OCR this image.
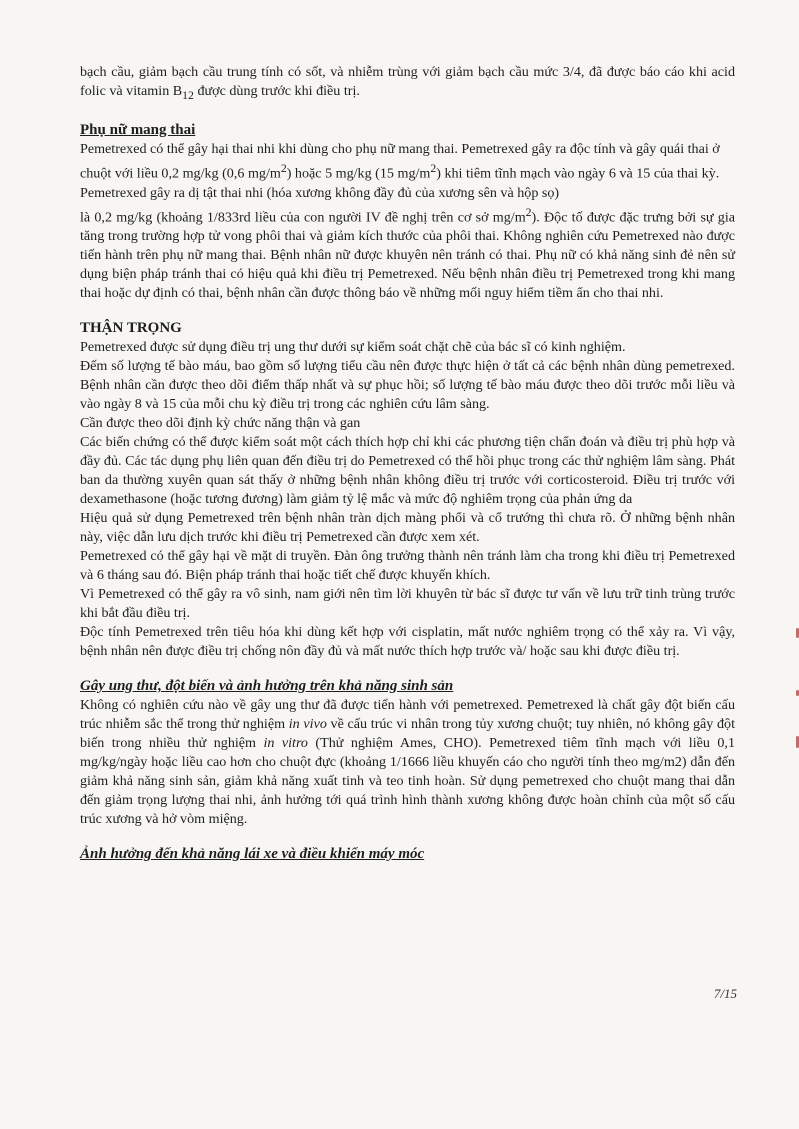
bạch cầu, giảm bạch cầu trung tính có sốt, và nhiễm trùng với giảm bạch cầu mức 3/4, đã được báo cáo khi acid folic và vitamin $B_{12}$ được dùng trước khi điều trị.

Phụ nữ mang thai

Pemetrexed có thể gây hại thai nhi khi dùng cho phụ nữ mang thai. Pemetrexed gây ra độc tính và gây quái thai ở chuột với liều 0,2 mg/kg (0,6 $mg/m^2$) hoặc 5 mg/kg (15 $mg/m^2$) khi tiêm tĩnh mạch vào ngày 6 và 15 của thai kỳ. Pemetrexed gây ra dị tật thai nhi (hóa xương không đầy đủ của xương sên và hộp sọ)

là 0,2 mg/kg (khoảng 1/833rd liều của con người IV đề nghị trên cơ sở $mg/m^2$). Độc tố được đặc trưng bởi sự gia tăng trong trường hợp tử vong phôi thai và giảm kích thước của phôi thai. Không nghiên cứu Pemetrexed nào được tiến hành trên phụ nữ mang thai. Bệnh nhân nữ được khuyên nên tránh có thai. Phụ nữ có khả năng sinh đẻ nên sử dụng biện pháp tránh thai có hiệu quả khi điều trị Pemetrexed. Nếu bệnh nhân điều trị Pemetrexed trong khi mang thai hoặc dự định có thai, bệnh nhân cần được thông báo về những mối nguy hiểm tiềm ẩn cho thai nhi.

THẬN TRỌNG

Pemetrexed được sử dụng điều trị ung thư dưới sự kiểm soát chặt chẽ của bác sĩ có kinh nghiệm.

Đếm số lượng tế bào máu, bao gồm số lượng tiểu cầu nên được thực hiện ở tất cả các bệnh nhân dùng pemetrexed. Bệnh nhân cần được theo dõi điểm thấp nhất và sự phục hồi; số lượng tế bào máu được theo dõi trước mỗi liều và vào ngày 8 và 15 của mỗi chu kỳ điều trị trong các nghiên cứu lâm sàng.

Cần được theo dõi định kỳ chức năng thận và gan

Các biến chứng có thể được kiểm soát một cách thích hợp chỉ khi các phương tiện chẩn đoán và điều trị phù hợp và đầy đủ. Các tác dụng phụ liên quan đến điều trị do Pemetrexed có thể hồi phục trong các thử nghiệm lâm sàng. Phát ban da thường xuyên quan sát thấy ở những bệnh nhân không điều trị trước với corticosteroid. Điều trị trước với dexamethasone (hoặc tương đương) làm giảm tỷ lệ mắc và mức độ nghiêm trọng của phản ứng da

Hiệu quả sử dụng Pemetrexed trên bệnh nhân tràn dịch màng phổi và cổ trướng thì chưa rõ. Ở những bệnh nhân này, việc dẫn lưu dịch trước khi điều trị Pemetrexed cần được xem xét.

Pemetrexed có thể gây hại về mặt di truyền. Đàn ông trưởng thành nên tránh làm cha trong khi điều trị Pemetrexed và 6 tháng sau đó. Biện pháp tránh thai hoặc tiết chế được khuyến khích.

Vì Pemetrexed có thể gây ra vô sinh, nam giới nên tìm lời khuyên từ bác sĩ được tư vấn về lưu trữ tinh trùng trước khi bắt đầu điều trị.

Độc tính Pemetrexed trên tiêu hóa khi dùng kết hợp với cisplatin, mất nước nghiêm trọng có thể xảy ra. Vì vậy, bệnh nhân nên được điều trị chống nôn đầy đủ và mất nước thích hợp trước và/ hoặc sau khi được điều trị.

Gây ung thư, đột biến và ảnh hưởng trên khả năng sinh sản

Không có nghiên cứu nào về gây ung thư đã được tiến hành với pemetrexed. Pemetrexed là chất gây đột biến cấu trúc nhiễm sắc thể trong thử nghiệm in vivo về cấu trúc vi nhân trong tủy xương chuột; tuy nhiên, nó không gây đột biến trong nhiều thử nghiệm in vitro (Thử nghiệm Ames, CHO). Pemetrexed tiêm tĩnh mạch với liều 0,1 mg/kg/ngày hoặc liều cao hơn cho chuột đực (khoảng 1/1666 liều khuyến cáo cho người tính theo mg/m2) dẫn đến giảm khả năng sinh sản, giảm khả năng xuất tinh và teo tinh hoàn. Sử dụng pemetrexed cho chuột mang thai dẫn đến giảm trọng lượng thai nhi, ảnh hưởng tới quá trình hình thành xương không được hoàn chỉnh của một số cấu trúc xương và hở vòm miệng.

Ảnh hưởng đến khả năng lái xe và điều khiển máy móc
7/15
